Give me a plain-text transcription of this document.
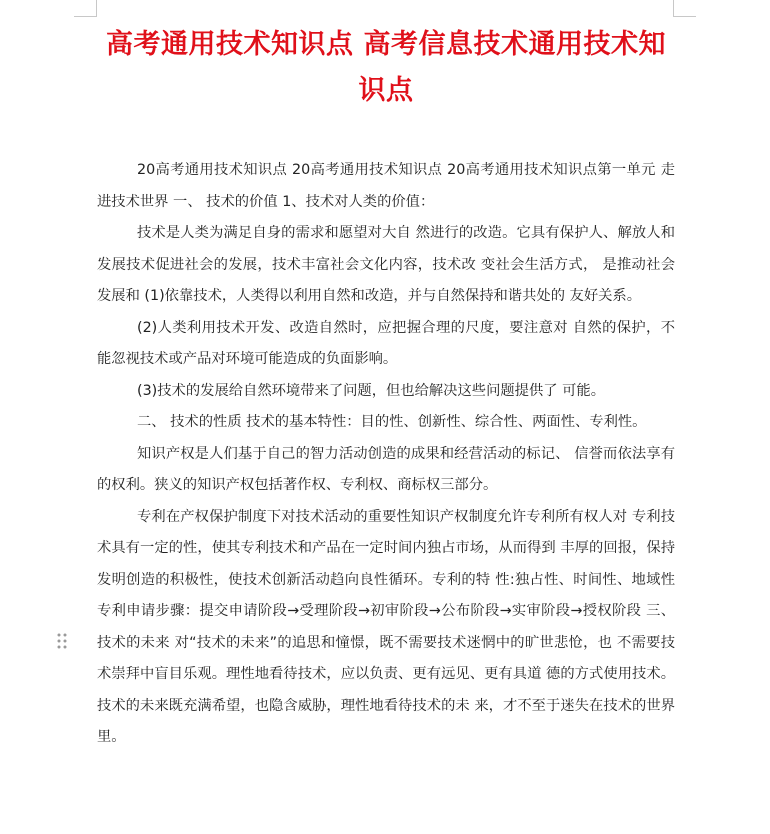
高考通用技术知识点 高考信息技术通用技术知识点

20高考通用技术知识点 20高考通用技术知识点 20高考通用技术知识点第一单元 走进技术世界 一、 技术的价值 1、技术对人类的价值：

技术是人类为满足自身的需求和愿望对大自 然进行的改造。它具有保护人、解放人和发展技术促进社会的发展，技术丰富社会文化内容，技术改 变社会生活方式， 是推动社会发展和 (1)依靠技术，人类得以利用自然和改造，并与自然保持和谐共处的 友好关系。

(2)人类利用技术开发、改造自然时，应把握合理的尺度，要注意对 自然的保护，不能忽视技术或产品对环境可能造成的负面影响。

(3)技术的发展给自然环境带来了问题，但也给解决这些问题提供了 可能。

二、 技术的性质 技术的基本特性：目的性、创新性、综合性、两面性、专利性。

知识产权是人们基于自己的智力活动创造的成果和经营活动的标记、 信誉而依法享有的权利。狭义的知识产权包括著作权、专利权、商标权三部分。

专利在产权保护制度下对技术活动的重要性知识产权制度允许专利所有权人对 专利技术具有一定的性，使其专利技术和产品在一定时间内独占市场，从而得到 丰厚的回报，保持发明创造的积极性，使技术创新活动趋向良性循环。专利的特 性:独占性、时间性、地域性 专利申请步骤：提交申请阶段→受理阶段→初审阶段→公布阶段→实审阶段→授权阶段 三、 技术的未来 对“技术的未来”的追思和憧憬，既不需要技术迷惘中的旷世悲怆，也 不需要技术崇拜中盲目乐观。理性地看待技术，应以负责、更有远见、更有具道 德的方式使用技术。技术的未来既充满希望，也隐含威胁，理性地看待技术的未 来，才不至于迷失在技术的世界里。
